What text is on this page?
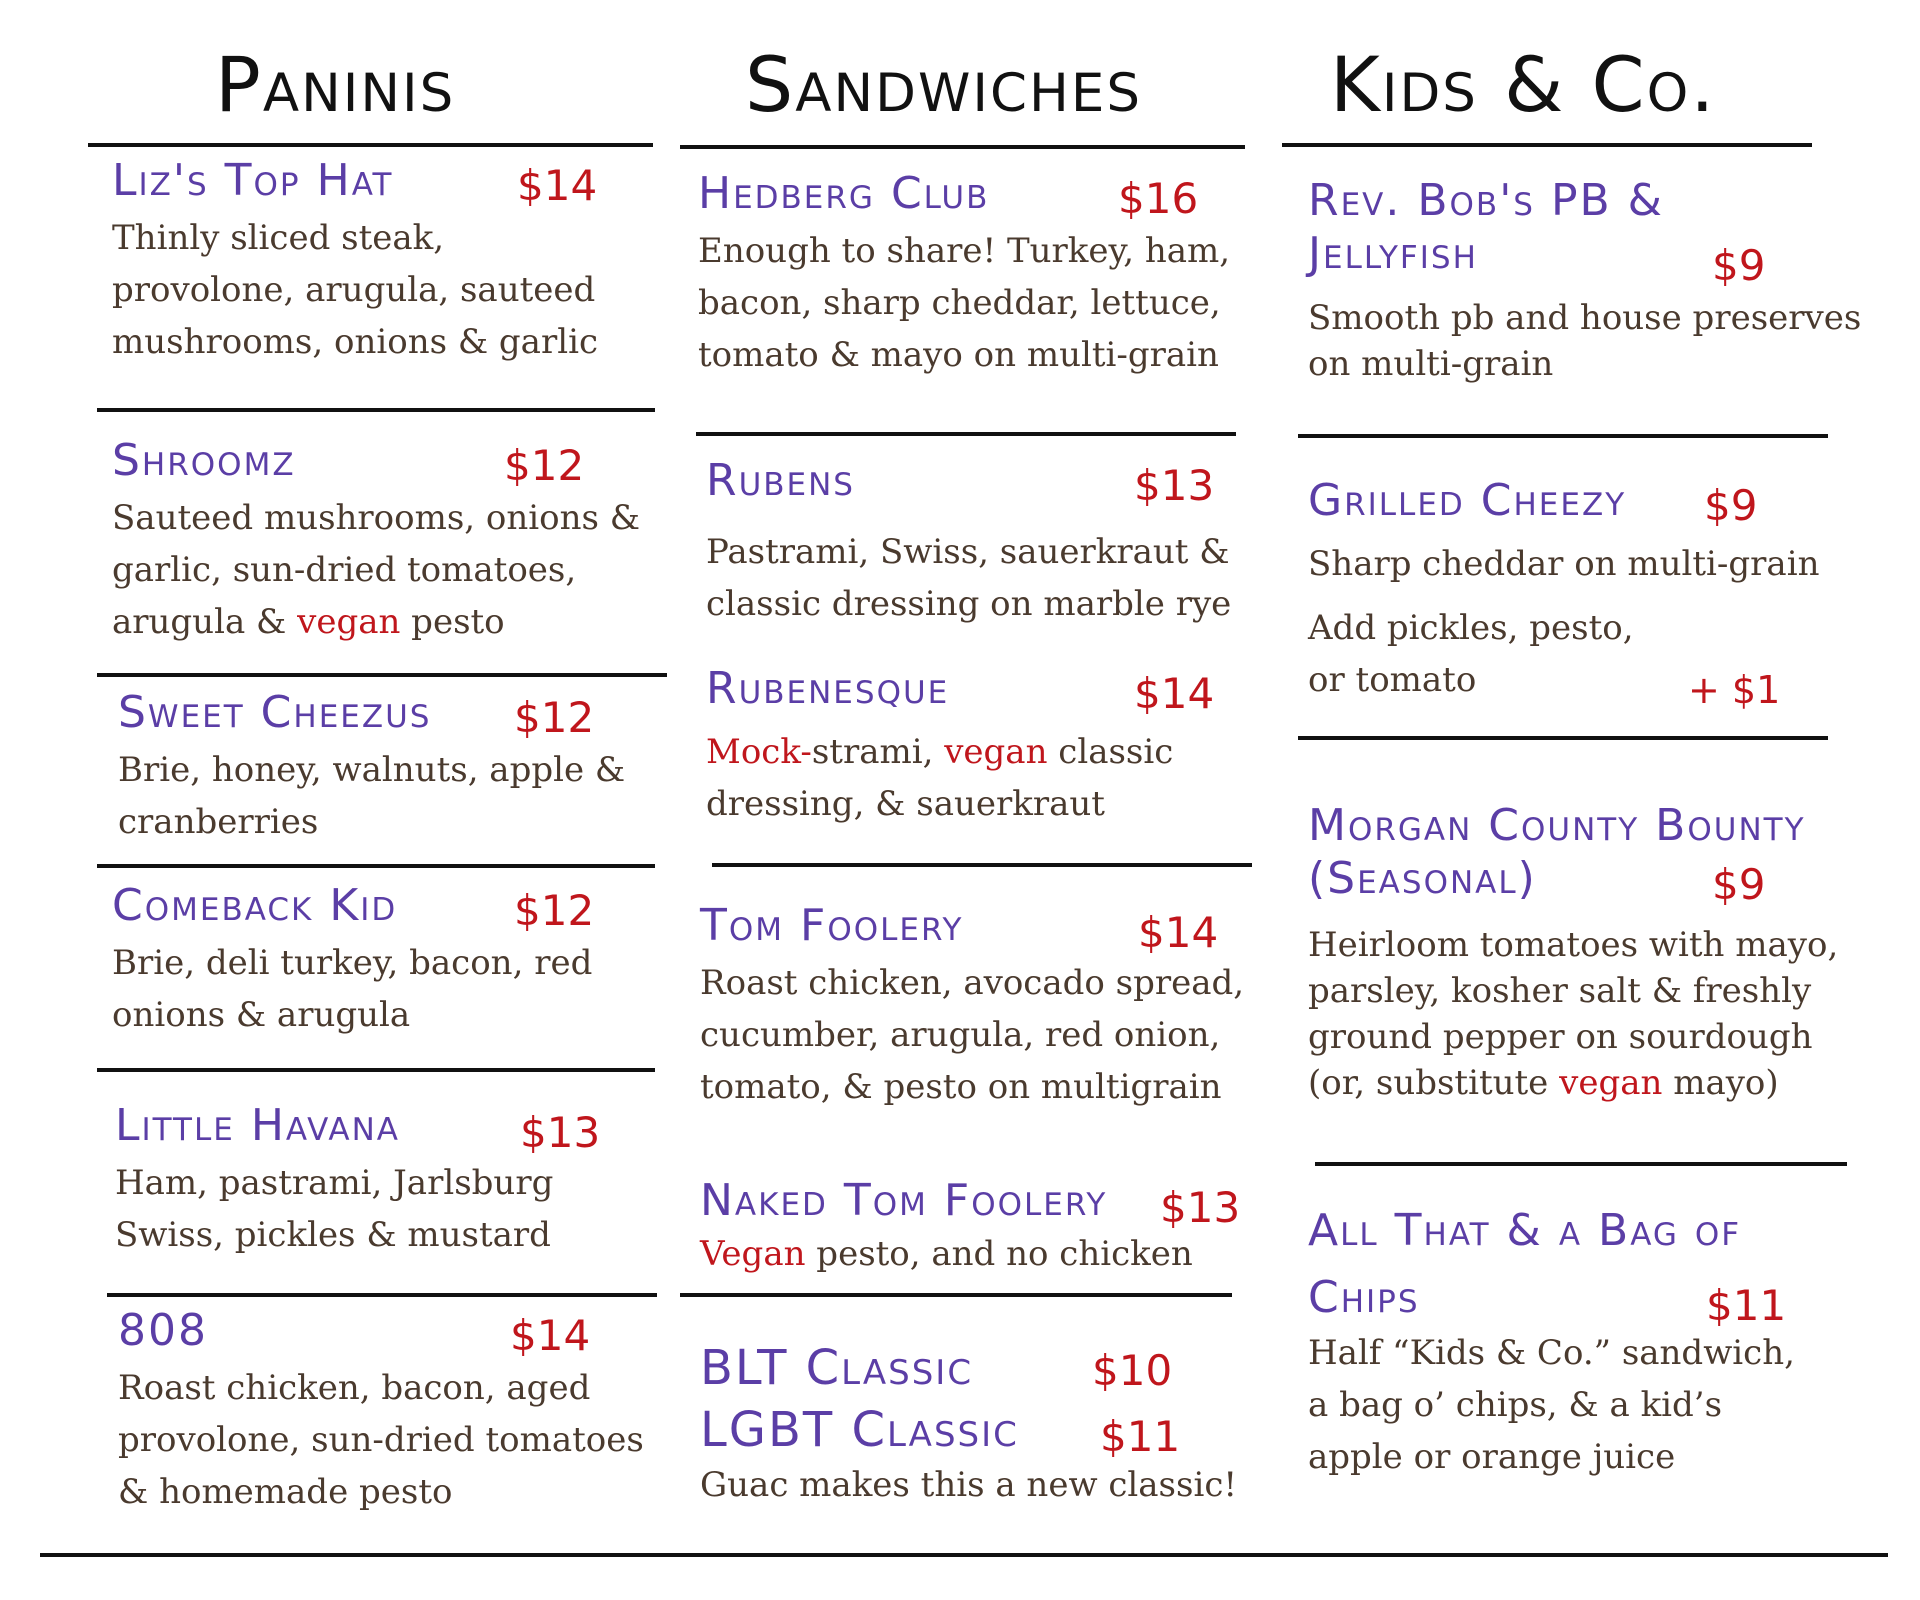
Paninis	Sandwiches Kids & Co.
Liz's Top Hat	$14
Thinly sliced steak,
provolone, arugula, sauteed
mushrooms, onions & garlic
Shroomz	$12
Sauteed mushrooms, onions &
garlic, sun-dried tomatoes,
arugula & vegan pesto
Sweet Cheezus	$12
Brie, honey, walnuts, apple &
cranberries
Comeback Kid	$12
Brie, deli turkey, bacon, red
onions & arugula
Little Havana	$13
Ham, pastrami, Jarlsburg
Swiss, pickles & mustard
808	$14
Roast chicken, bacon, aged
provolone, sun-dried tomatoes
& homemade pesto
Hedberg Club	$16
Enough to share! Turkey, ham,
bacon, sharp cheddar, lettuce,
tomato & mayo on multi-grain
Rubens	$13
Pastrami, Swiss, sauerkraut &
classic dressing on marble rye
Rubenesque	$14
Mock-strami, vegan classic
dressing, & sauerkraut
Tom Foolery	$14
Roast chicken, avocado spread,
cucumber, arugula, red onion,
tomato, & pesto on multigrain
Naked Tom Foolery	$13
Vegan pesto, and no chicken
BLT Classic	$10
LGBT Classic	$11
Guac makes this a new classic!
Rev. Bob's PB &
Jellyfish	$9
Smooth pb and house preserves
on multi-grain
Grilled Cheezy	$9
Sharp cheddar on multi-grain
Add pickles, pesto,
or tomato	+ $1
Morgan County Bounty
(Seasonal)	$9
Heirloom tomatoes with mayo,
parsley, kosher salt & freshly
ground pepper on sourdough
(or, substitute vegan mayo)
All That & a Bag of
Chips	$11
Half “Kids & Co.” sandwich,
a bag o’ chips, & a kid’s
apple or orange juice
